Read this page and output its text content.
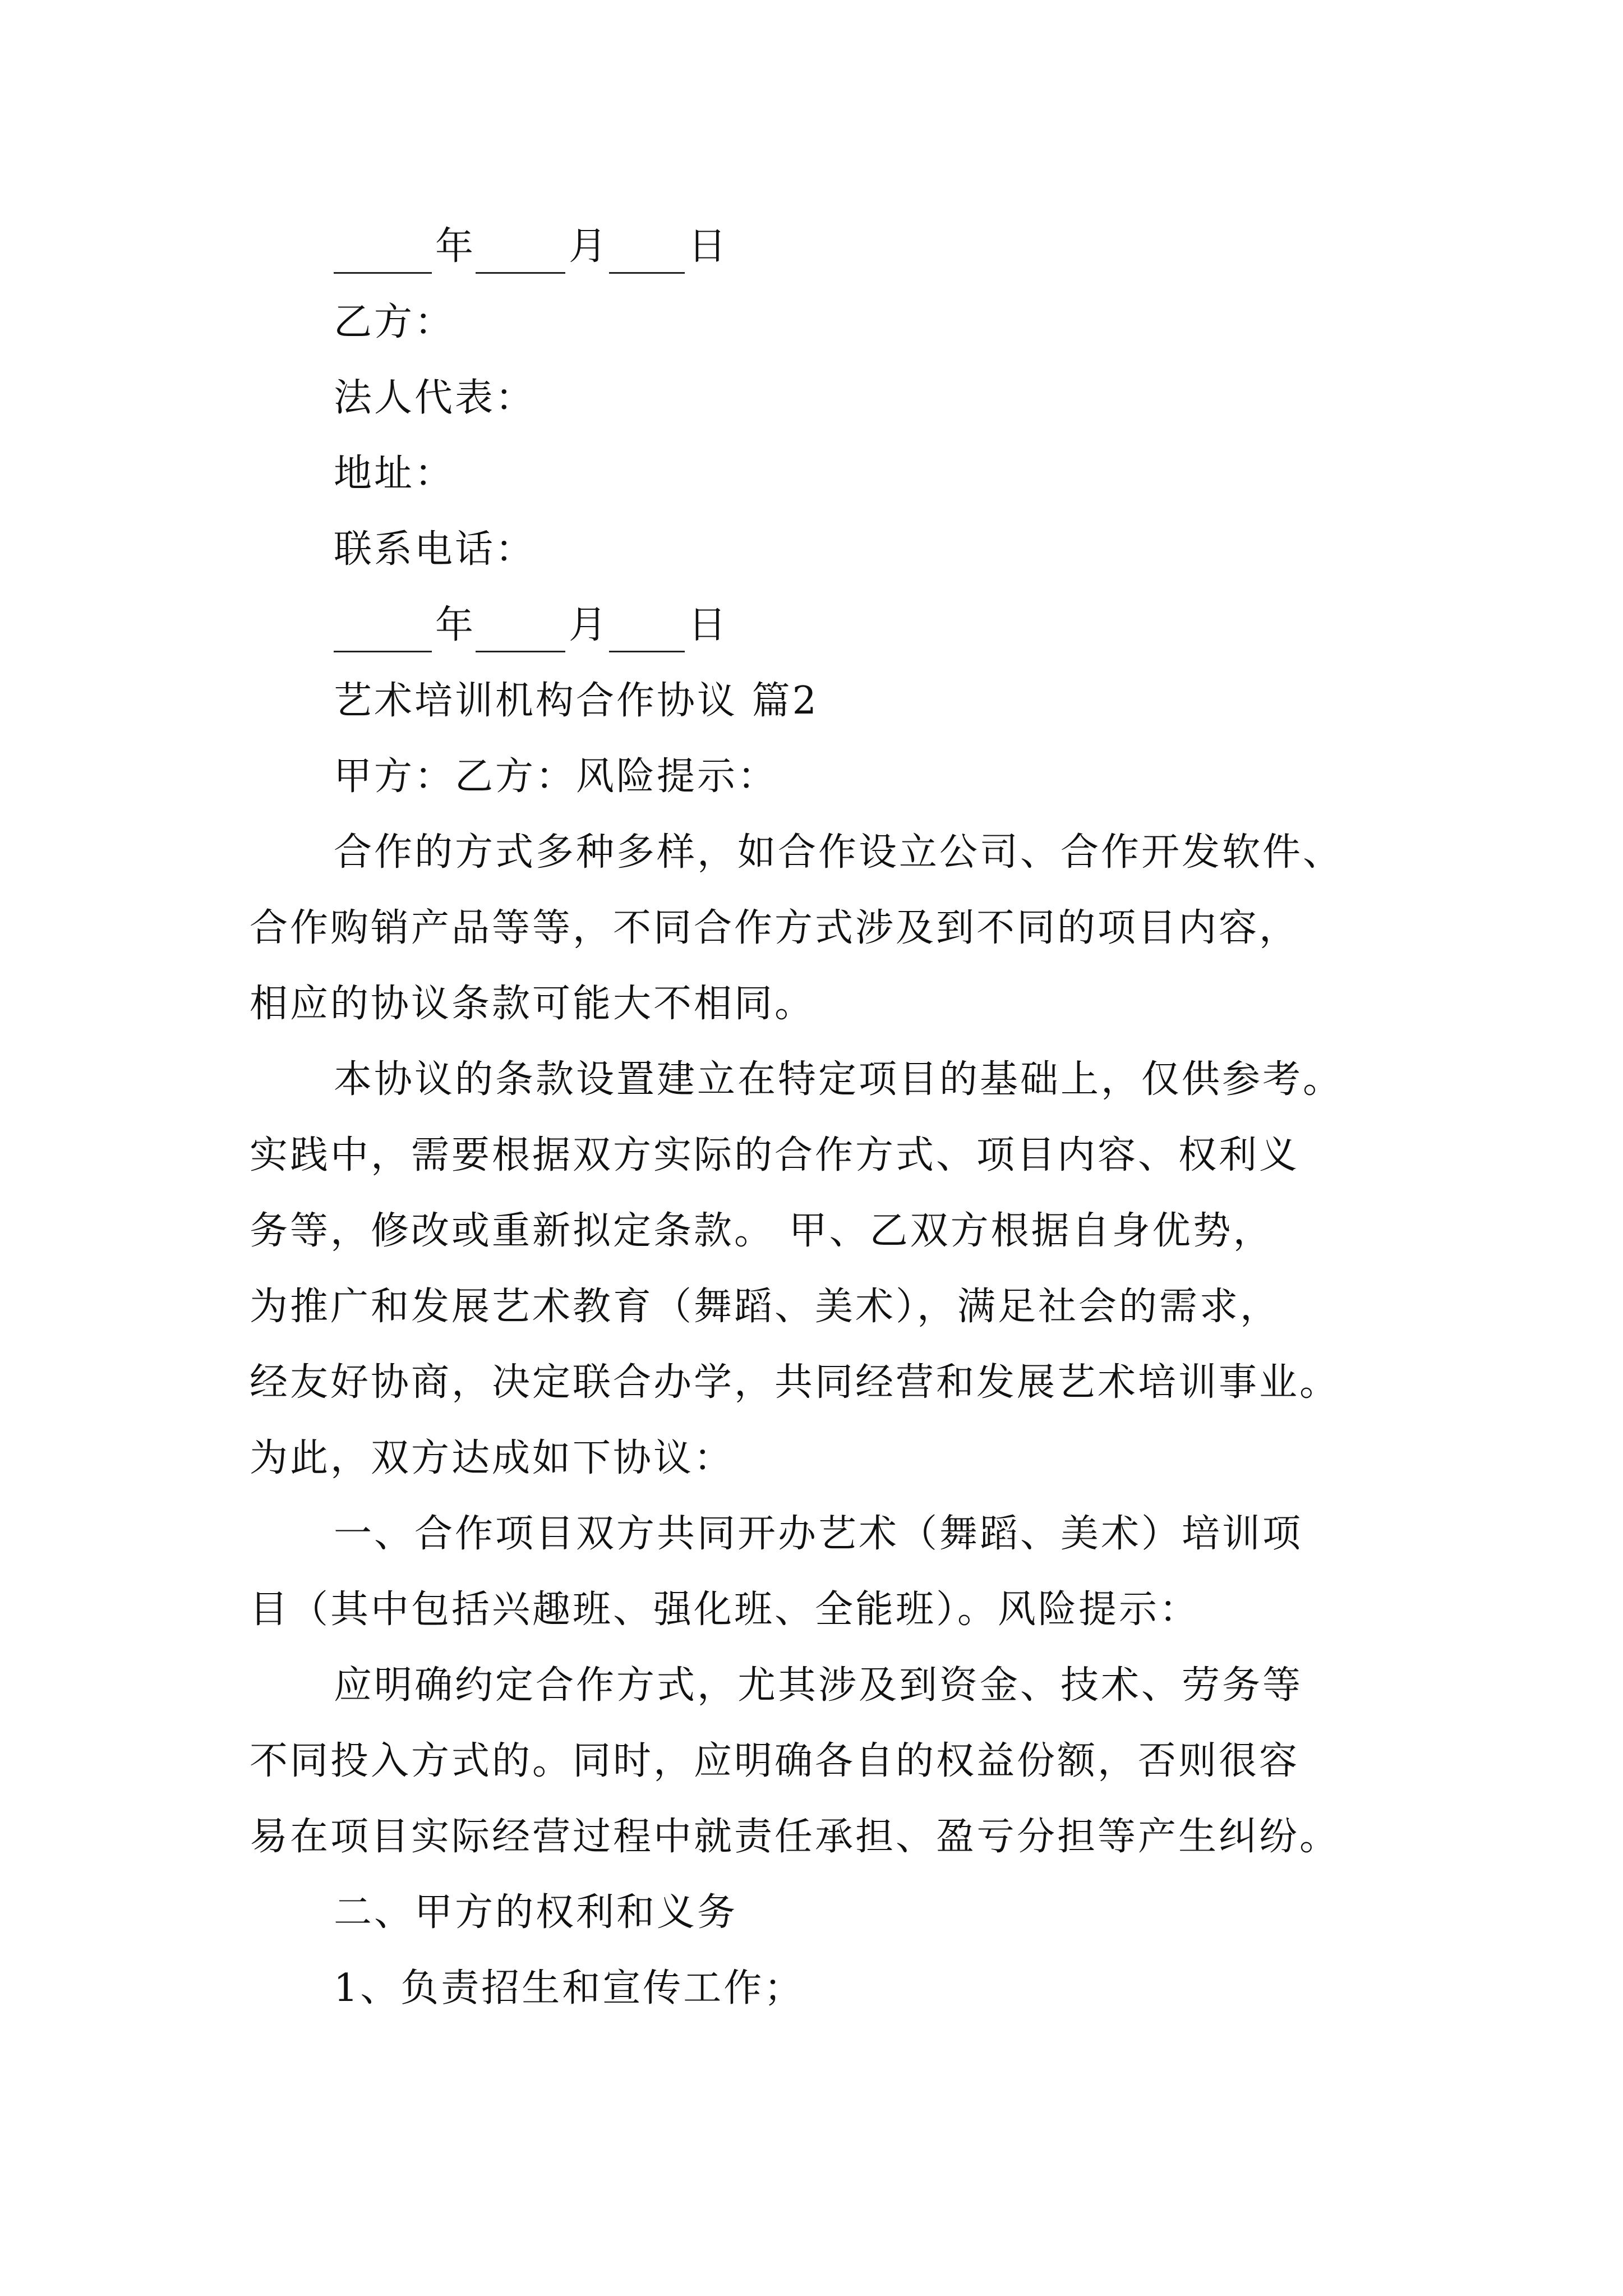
年 月 日
乙方：
法人代表：
地址：
联系电话：
年 月 日
艺术培训机构合作协议 篇2
甲方：乙方：风险提示：
合作的方式多种多样，如合作设立公司、合作开发软件、
合作购销产品等等，不同合作方式涉及到不同的项目内容，
相应的协议条款可能大不相同。
本协议的条款设置建立在特定项目的基础上，仅供参考。
实践中，需要根据双方实际的合作方式、项目内容、权利义
务等，修改或重新拟定条款。 甲、乙双方根据自身优势，
为推广和发展艺术教育（舞蹈、美术），满足社会的需求，
经友好协商，决定联合办学，共同经营和发展艺术培训事业。
为此，双方达成如下协议：
一、合作项目双方共同开办艺术（舞蹈、美术）培训项
目（其中包括兴趣班、强化班、全能班）。风险提示：
应明确约定合作方式，尤其涉及到资金、技术、劳务等
不同投入方式的。同时，应明确各自的权益份额，否则很容
易在项目实际经营过程中就责任承担、盈亏分担等产生纠纷。
二、甲方的权利和义务
1、负责招生和宣传工作；
